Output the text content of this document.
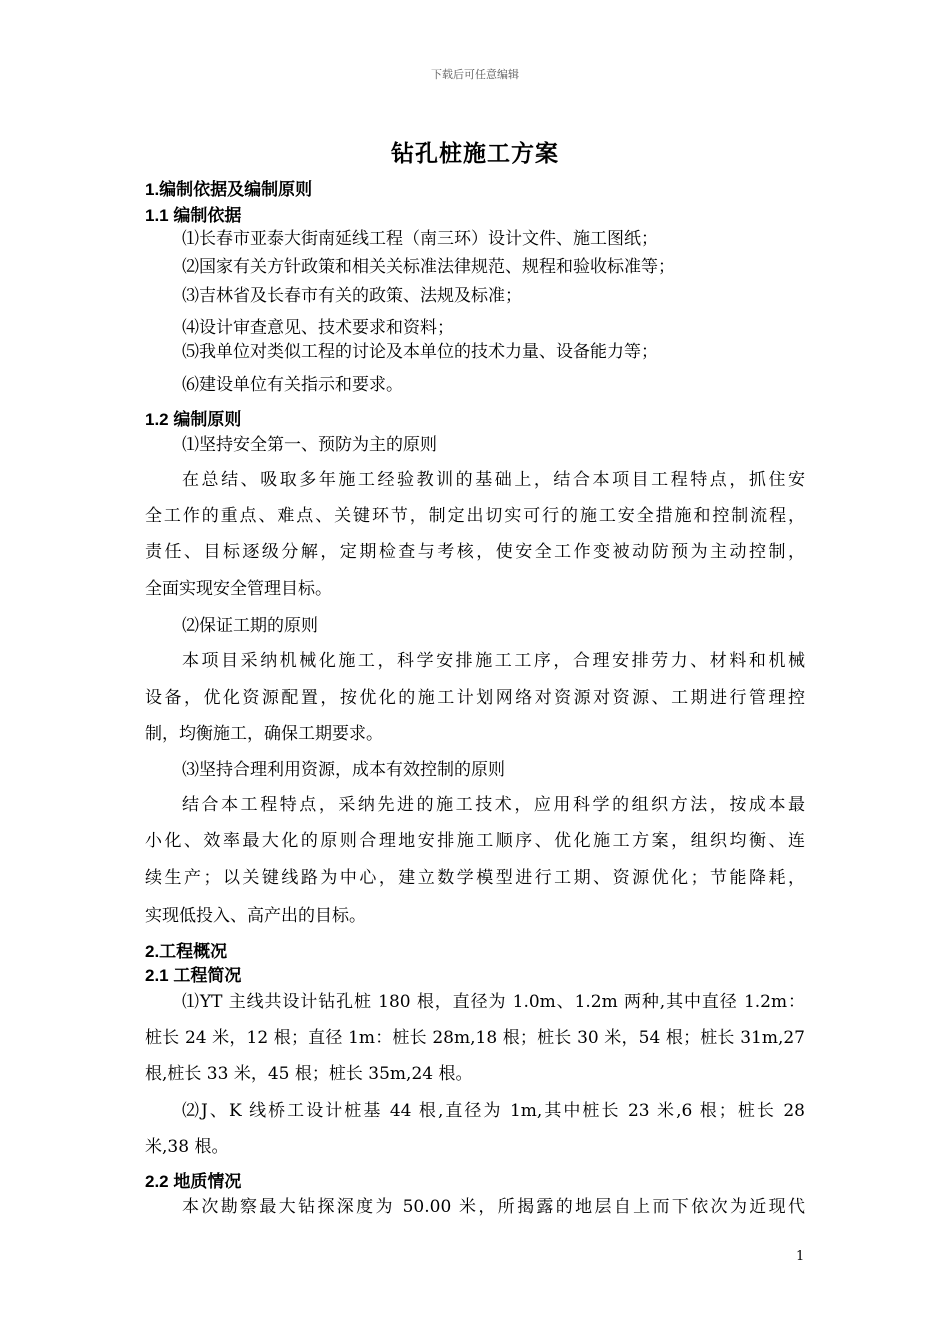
下载后可任意编辑
钻孔桩施工方案
1.编制依据及编制原则
1.1 编制依据
⑴长春市亚泰大街南延线工程（南三环）设计文件、施工图纸；
⑵国家有关方针政策和相关关标准法律规范、规程和验收标准等；
⑶吉林省及长春市有关的政策、法规及标准；
⑷设计审查意见、技术要求和资料；
⑸我单位对类似工程的讨论及本单位的技术力量、设备能力等；
⑹建设单位有关指示和要求。
1.2 编制原则
⑴坚持安全第一、预防为主的原则
在总结、吸取多年施工经验教训的基础上，结合本项目工程特点，抓住安
全工作的重点、难点、关键环节，制定出切实可行的施工安全措施和控制流程，
责任、目标逐级分解，定期检查与考核，使安全工作变被动防预为主动控制，
全面实现安全管理目标。
⑵保证工期的原则
本项目采纳机械化施工，科学安排施工工序，合理安排劳力、材料和机械
设备，优化资源配置，按优化的施工计划网络对资源对资源、工期进行管理控
制，均衡施工，确保工期要求。
⑶坚持合理利用资源，成本有效控制的原则
结合本工程特点，采纳先进的施工技术，应用科学的组织方法，按成本最
小化、效率最大化的原则合理地安排施工顺序、优化施工方案，组织均衡、连
续生产；以关键线路为中心，建立数学模型进行工期、资源优化；节能降耗，
实现低投入、高产出的目标。
2.工程概况
2.1 工程简况
⑴YT 主线共设计钻孔桩 180 根，直径为 1.0m、1.2m 两种,其中直径 1.2m：
桩长 24 米，12 根；直径 1m：桩长 28m,18 根；桩长 30 米，54 根；桩长 31m,27
根,桩长 33 米，45 根；桩长 35m,24 根。
⑵J、K 线桥工设计桩基 44 根,直径为 1m,其中桩长 23 米,6 根；桩长 28
米,38 根。
2.2 地质情况
本次勘察最大钻探深度为 50.00 米，所揭露的地层自上而下依次为近现代
1
